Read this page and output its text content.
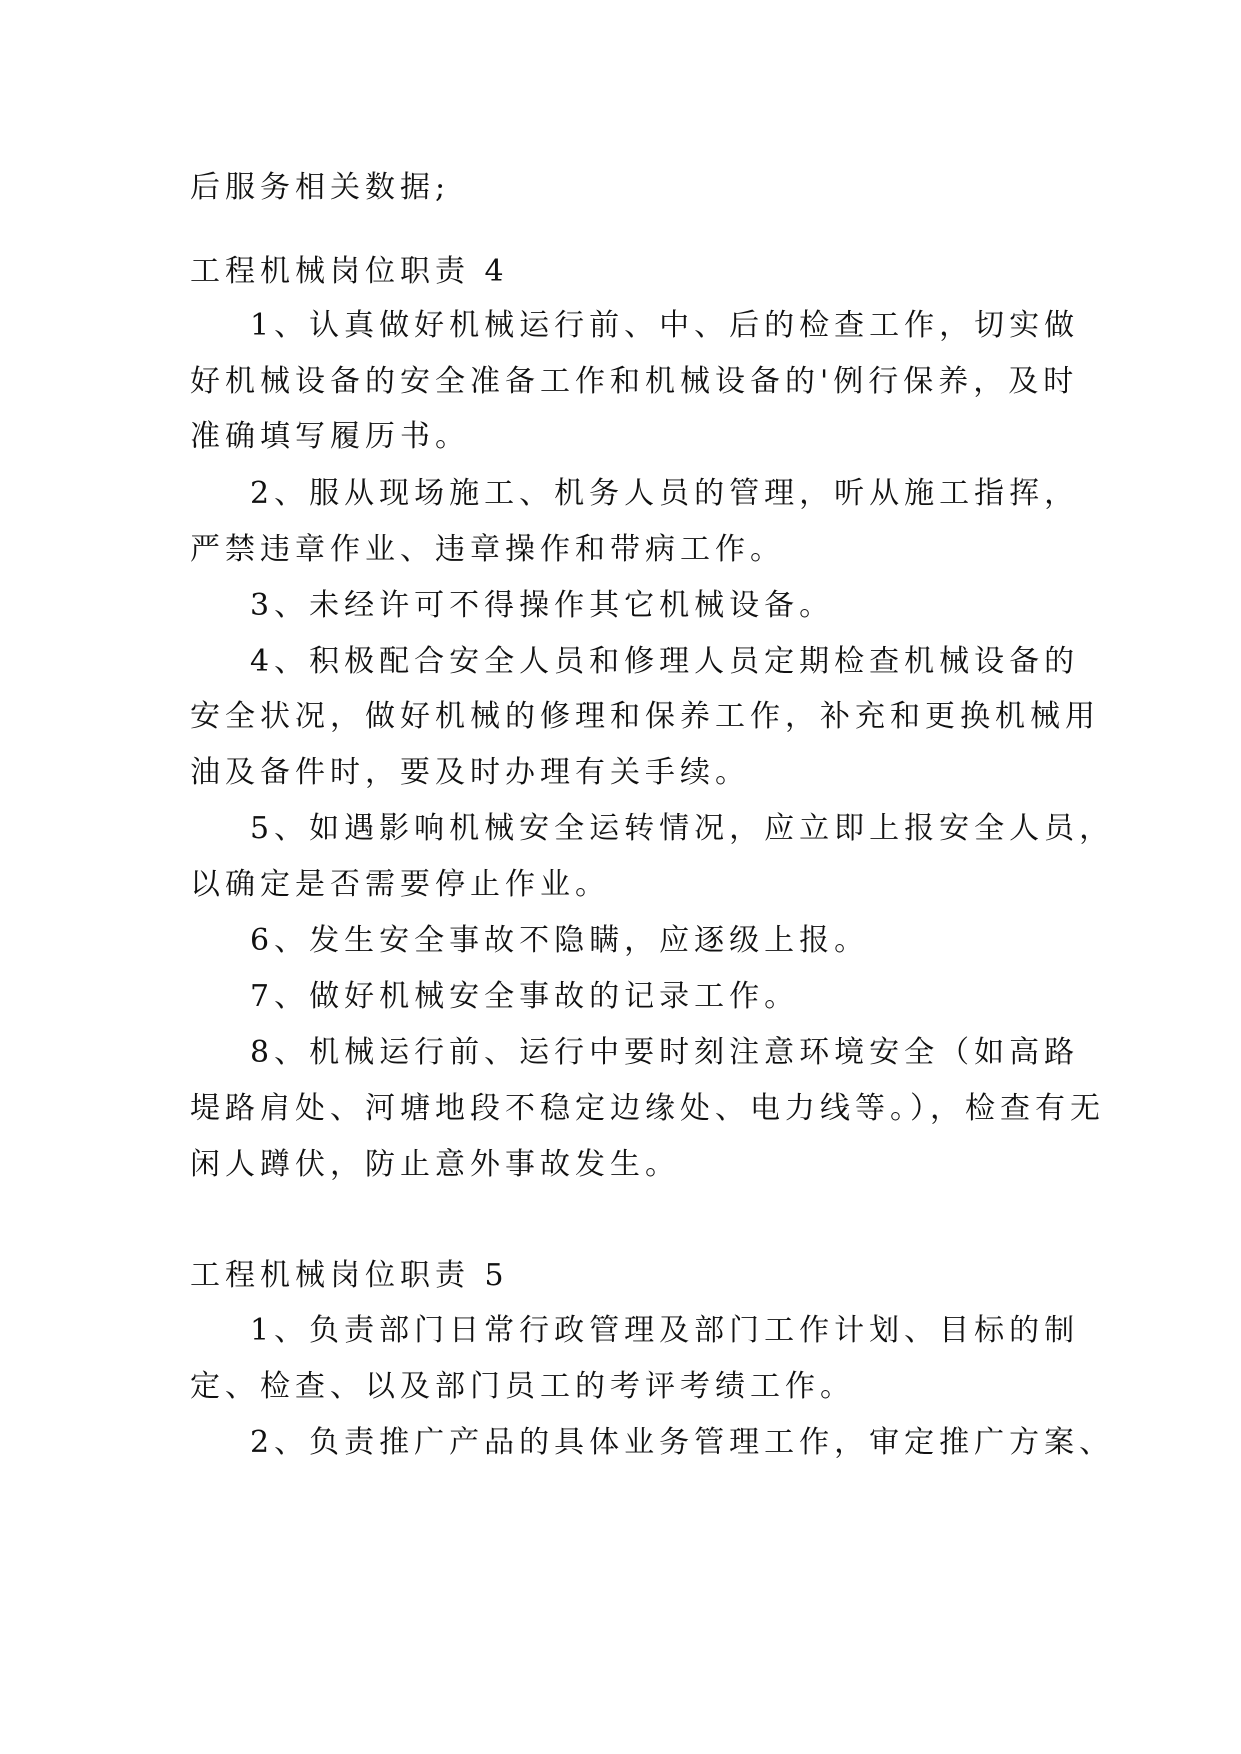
后服务相关数据;

工程机械岗位职责 4

1、认真做好机械运行前、中、后的检查工作，切实做

好机械设备的安全准备工作和机械设备的'例行保养，及时

准确填写履历书。

2、服从现场施工、机务人员的管理，听从施工指挥，

严禁违章作业、违章操作和带病工作。

3、未经许可不得操作其它机械设备。

4、积极配合安全人员和修理人员定期检查机械设备的

安全状况，做好机械的修理和保养工作，补充和更换机械用

油及备件时，要及时办理有关手续。

5、如遇影响机械安全运转情况，应立即上报安全人员，

以确定是否需要停止作业。

6、发生安全事故不隐瞒，应逐级上报。

7、做好机械安全事故的记录工作。

8、机械运行前、运行中要时刻注意环境安全（如高路

堤路肩处、河塘地段不稳定边缘处、电力线等。），检查有无

闲人蹲伏，防止意外事故发生。

工程机械岗位职责 5

1、负责部门日常行政管理及部门工作计划、目标的制

定、检查、以及部门员工的考评考绩工作。

2、负责推广产品的具体业务管理工作，审定推广方案、
